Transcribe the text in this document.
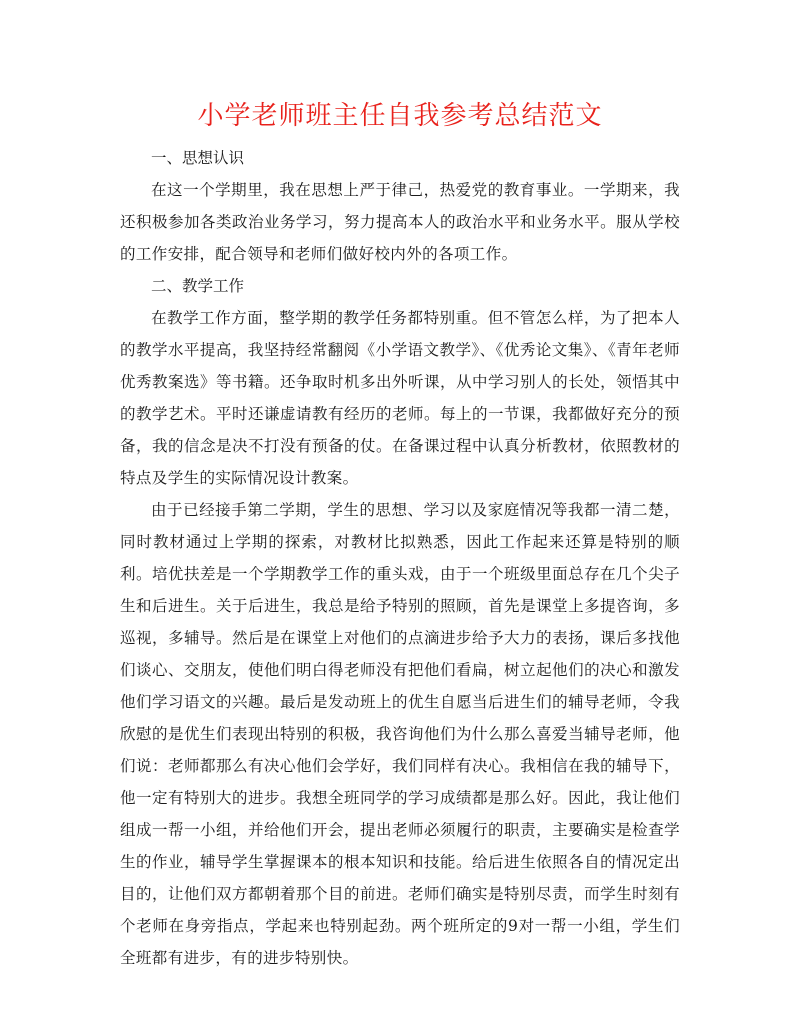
小学老师班主任自我参考总结范文

一、思想认识

在这一个学期里，我在思想上严于律己，热爱党的教育事业。一学期来，我还积极参加各类政治业务学习，努力提高本人的政治水平和业务水平。服从学校的工作安排，配合领导和老师们做好校内外的各项工作。

二、教学工作

在教学工作方面，整学期的教学任务都特别重。但不管怎么样，为了把本人的教学水平提高，我坚持经常翻阅《小学语文教学》、《优秀论文集》、《青年老师优秀教案选》等书籍。还争取时机多出外听课，从中学习别人的长处，领悟其中的教学艺术。平时还谦虚请教有经历的老师。每上的一节课，我都做好充分的预备，我的信念是决不打没有预备的仗。在备课过程中认真分析教材，依照教材的特点及学生的实际情况设计教案。

由于已经接手第二学期，学生的思想、学习以及家庭情况等我都一清二楚，同时教材通过上学期的探索，对教材比拟熟悉，因此工作起来还算是特别的顺利。培优扶差是一个学期教学工作的重头戏，由于一个班级里面总存在几个尖子生和后进生。关于后进生，我总是给予特别的照顾，首先是课堂上多提咨询，多巡视，多辅导。然后是在课堂上对他们的点滴进步给予大力的表扬，课后多找他们谈心、交朋友，使他们明白得老师没有把他们看扁，树立起他们的决心和激发他们学习语文的兴趣。最后是发动班上的优生自愿当后进生们的辅导老师，令我欣慰的是优生们表现出特别的积极，我咨询他们为什么那么喜爱当辅导老师，他们说：老师都那么有决心他们会学好，我们同样有决心。我相信在我的辅导下，他一定有特别大的进步。我想全班同学的学习成绩都是那么好。因此，我让他们组成一帮一小组，并给他们开会，提出老师必须履行的职责，主要确实是检查学生的作业，辅导学生掌握课本的根本知识和技能。给后进生依照各自的情况定出目的，让他们双方都朝着那个目的前进。老师们确实是特别尽责，而学生时刻有个老师在身旁指点，学起来也特别起劲。两个班所定的9对一帮一小组，学生们全班都有进步，有的进步特别快。
